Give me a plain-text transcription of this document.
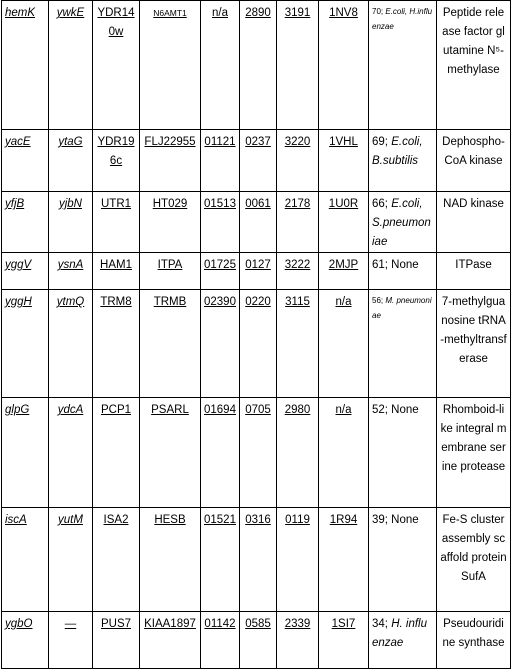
hemK	ywkE	YDR140w	N6AMT1	n/a	2890	3191	1NV8	70; E.coli, H.influenzae	Peptide release factor glutamine N⁵-methylase
yacE	ytaG	YDR196c	FLJ22955	01121	0237	3220	1VHL	69; E.coli, B.subtilis	Dephospho-CoA kinase
yfjB	yjbN	UTR1	HT029	01513	0061	2178	1U0R	66; E.coli, S.pneumoniae	NAD kinase
yggV	ysnA	HAM1	ITPA	01725	0127	3222	2MJP	61; None	ITPase
yggH	ytmQ	TRM8	TRMB	02390	0220	3115	n/a	56; M. pneumoniae	7-methylguanosine tRNA-methyltransferase
glpG	ydcA	PCP1	PSARL	01694	0705	2980	n/a	52; None	Rhomboid-like integral membrane serine protease
iscA	yutM	ISA2	HESB	01521	0316	0119	1R94	39; None	Fe-S cluster assembly scaffold protein SufA
ygbO	—	PUS7	KIAA1897	01142	0585	2339	1SI7	34; H. influenzae	Pseudouridine synthase
